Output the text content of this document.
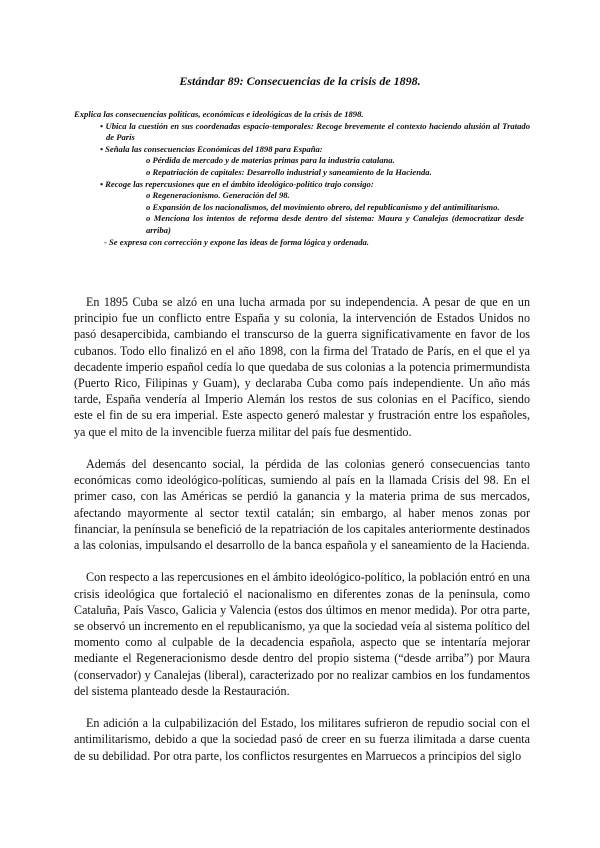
Estándar 89: Consecuencias de la crisis de 1898.

Explica las consecuencias políticas, económicas e ideológicas de la crisis de 1898.

• Ubica la cuestión en sus coordenadas espacio-temporales: Recoge brevemente el contexto haciendo alusión al Tratado de París

• Señala las consecuencias Económicas del 1898 para España:

o Pérdida de mercado y de materias primas para la industria catalana.

o Repatriación de capitales: Desarrollo industrial y saneamiento de la Hacienda.

• Recoge las repercusiones que en el ámbito ideológico-político trajo consigo:

o Regeneracionismo. Generación del 98.

o Expansión de los nacionalismos, del movimiento obrero, del republicanismo y del antimilitarismo.

o Menciona los intentos de reforma desde dentro del sistema: Maura y Canalejas (democratizar desde arriba)

- Se expresa con corrección y expone las ideas de forma lógica y ordenada.

En 1895 Cuba se alzó en una lucha armada por su independencia. A pesar de que en un principio fue un conflicto entre España y su colonia, la intervención de Estados Unidos no pasó desapercibida, cambiando el transcurso de la guerra significativamente en favor de los cubanos. Todo ello finalizó en el año 1898, con la firma del Tratado de París, en el que el ya decadente imperio español cedía lo que quedaba de sus colonias a la potencia primermundista (Puerto Rico, Filipinas y Guam), y declaraba Cuba como país independiente. Un año más tarde, España vendería al Imperio Alemán los restos de sus colonias en el Pacífico, siendo este el fin de su era imperial. Este aspecto generó malestar y frustración entre los españoles, ya que el mito de la invencible fuerza militar del país fue desmentido.

Además del desencanto social, la pérdida de las colonias generó consecuencias tanto económicas como ideológico-políticas, sumiendo al país en la llamada Crisis del 98. En el primer caso, con las Américas se perdió la ganancia y la materia prima de sus mercados, afectando mayormente al sector textil catalán; sin embargo, al haber menos zonas por financiar, la península se benefició de la repatriación de los capitales anteriormente destinados a las colonias, impulsando el desarrollo de la banca española y el saneamiento de la Hacienda.

Con respecto a las repercusiones en el ámbito ideológico-político, la población entró en una crisis ideológica que fortaleció el nacionalismo en diferentes zonas de la península, como Cataluña, País Vasco, Galicia y Valencia (estos dos últimos en menor medida). Por otra parte, se observó un incremento en el republicanismo, ya que la sociedad veía al sistema político del momento como al culpable de la decadencia española, aspecto que se intentaría mejorar mediante el Regeneracionismo desde dentro del propio sistema (“desde arriba”) por Maura (conservador) y Canalejas (liberal), caracterizado por no realizar cambios en los fundamentos del sistema planteado desde la Restauración.

En adición a la culpabilización del Estado, los militares sufrieron de repudio social con el antimilitarismo, debido a que la sociedad pasó de creer en su fuerza ilimitada a darse cuenta de su debilidad. Por otra parte, los conflictos resurgentes en Marruecos a principios del siglo
